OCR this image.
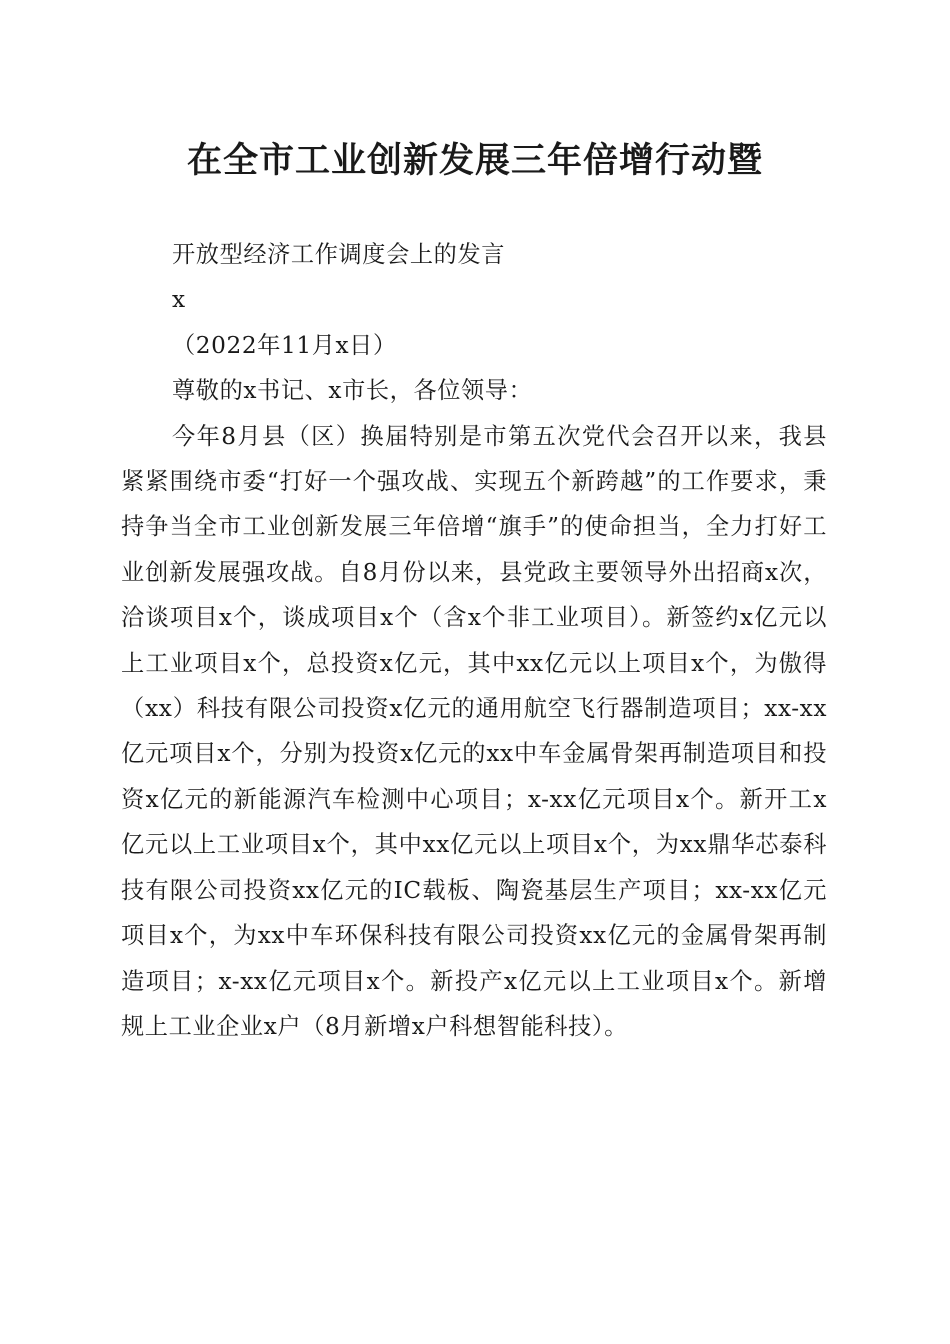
在全市工业创新发展三年倍增行动暨

开放型经济工作调度会上的发言

x

（2022年11月x日）

尊敬的x书记、x市长，各位领导：

今年8月县（区）换届特别是市第五次党代会召开以来，我县紧紧围绕市委“打好一个强攻战、实现五个新跨越”的工作要求，秉持争当全市工业创新发展三年倍增“旗手”的使命担当，全力打好工业创新发展强攻战。自8月份以来，县党政主要领导外出招商x次，洽谈项目x个，谈成项目x个（含x个非工业项目）。新签约x亿元以上工业项目x个，总投资x亿元，其中xx亿元以上项目x个，为傲得（xx）科技有限公司投资x亿元的通用航空飞行器制造项目；xx-xx亿元项目x个，分别为投资x亿元的xx中车金属骨架再制造项目和投资x亿元的新能源汽车检测中心项目；x-xx亿元项目x个。新开工x亿元以上工业项目x个，其中xx亿元以上项目x个，为xx鼎华芯泰科技有限公司投资xx亿元的IC载板、陶瓷基层生产项目；xx-xx亿元项目x个，为xx中车环保科技有限公司投资xx亿元的金属骨架再制造项目；x-xx亿元项目x个。新投产x亿元以上工业项目x个。新增规上工业企业x户（8月新增x户科想智能科技）。
